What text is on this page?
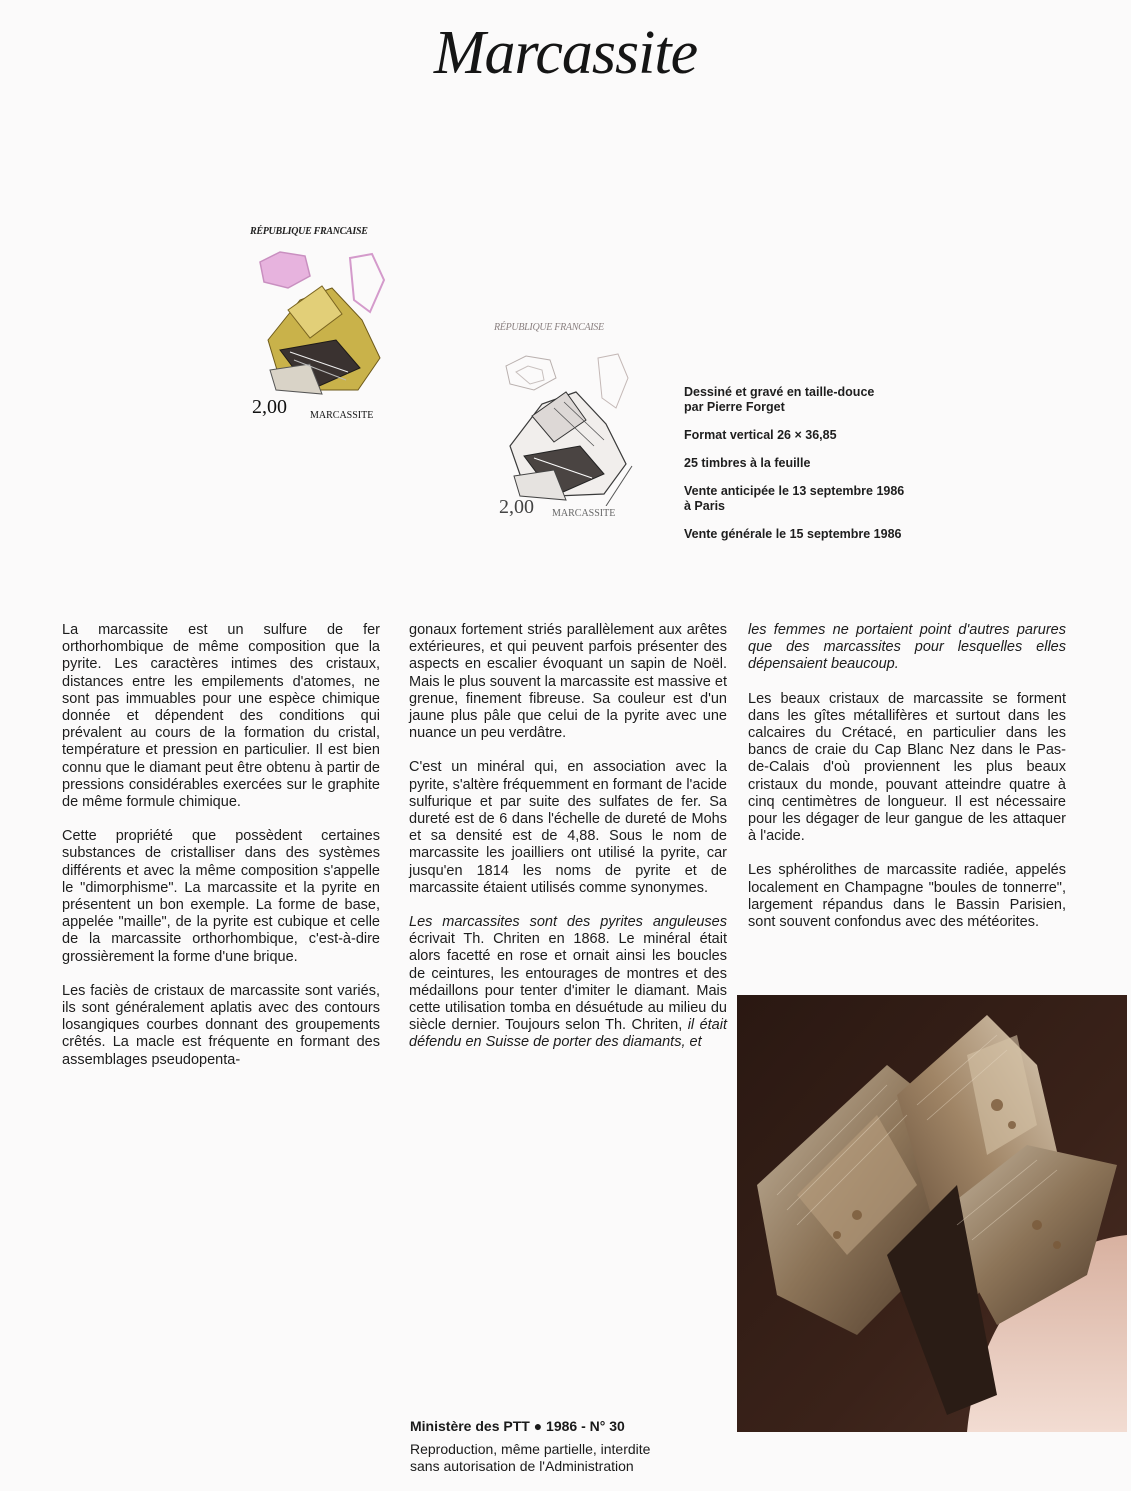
Marcassite
RÉPUBLIQUE FRANCAISE
2,00 MARCASSITE
RÉPUBLIQUE FRANCAISE
2,00 MARCASSITE

Dessiné et gravé en taille-douce
par Pierre Forget

Format vertical 26 × 36,85

25 timbres à la feuille

Vente anticipée le 13 septembre 1986
à Paris

Vente générale le 15 septembre 1986

La marcassite est un sulfure de fer orthorhombique de même composition que la pyrite. Les caractères intimes des cristaux, distances entre les empilements d'atomes, ne sont pas immuables pour une espèce chimique donnée et dépendent des conditions qui prévalent au cours de la formation du cristal, température et pression en particulier. Il est bien connu que le diamant peut être obtenu à partir de pressions considérables exercées sur le graphite de même formule chimique.

Cette propriété que possèdent certaines substances de cristalliser dans des systèmes différents et avec la même composition s'appelle le "dimorphisme". La marcassite et la pyrite en présentent un bon exemple. La forme de base, appelée "maille", de la pyrite est cubique et celle de la marcassite orthorhombique, c'est-à-dire grossièrement la forme d'une brique.

Les faciès de cristaux de marcassite sont variés, ils sont généralement aplatis avec des contours losangiques courbes donnant des groupements crêtés. La macle est fréquente en formant des assemblages pseudopenta-

gonaux fortement striés parallèlement aux arêtes extérieures, et qui peuvent parfois présenter des aspects en escalier évoquant un sapin de Noël. Mais le plus souvent la marcassite est massive et grenue, finement fibreuse. Sa couleur est d'un jaune plus pâle que celui de la pyrite avec une nuance un peu verdâtre.

C'est un minéral qui, en association avec la pyrite, s'altère fréquemment en formant de l'acide sulfurique et par suite des sulfates de fer. Sa dureté est de 6 dans l'échelle de dureté de Mohs et sa densité est de 4,88. Sous le nom de marcassite les joailliers ont utilisé la pyrite, car jusqu'en 1814 les noms de pyrite et de marcassite étaient utilisés comme synonymes.

Les marcassites sont des pyrites anguleuses écrivait Th. Chriten en 1868. Le minéral était alors facetté en rose et ornait ainsi les boucles de ceintures, les entourages de montres et des médaillons pour tenter d'imiter le diamant. Mais cette utilisation tomba en désuétude au milieu du siècle dernier. Toujours selon Th. Chriten, il était défendu en Suisse de porter des diamants, et

les femmes ne portaient point d'autres parures que des marcassites pour lesquelles elles dépensaient beaucoup.

Les beaux cristaux de marcassite se forment dans les gîtes métallifères et surtout dans les calcaires du Crétacé, en particulier dans les bancs de craie du Cap Blanc Nez dans le Pas-de-Calais d'où proviennent les plus beaux cristaux du monde, pouvant atteindre quatre à cinq centimètres de longueur. Il est nécessaire pour les dégager de leur gangue de les attaquer à l'acide.

Les sphérolithes de marcassite radiée, appelés localement en Champagne "boules de tonnerre", largement répandus dans le Bassin Parisien, sont souvent confondus avec des météorites.

Ministère des PTT ● 1986 - N° 30
Reproduction, même partielle, interdite
sans autorisation de l'Administration
